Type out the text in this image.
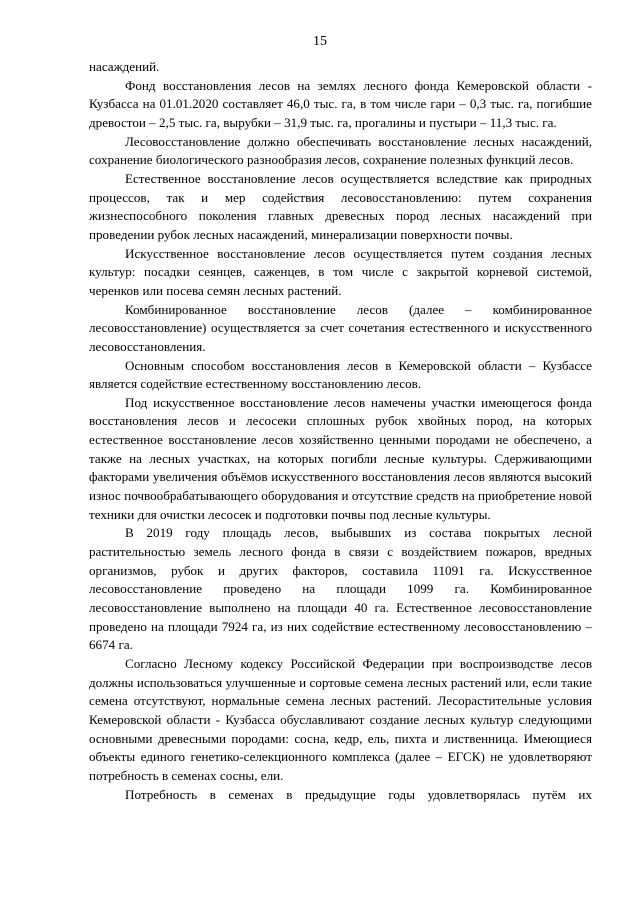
15

насаждений.

Фонд восстановления лесов на землях лесного фонда Кемеровской области - Кузбасса на 01.01.2020 составляет 46,0 тыс. га, в том числе гари – 0,3 тыс. га, погибшие древостои – 2,5 тыс. га, вырубки – 31,9 тыс. га, прогалины и пустыри – 11,3 тыс. га.

Лесовосстановление должно обеспечивать восстановление лесных насаждений, сохранение биологического разнообразия лесов, сохранение полезных функций лесов.

Естественное восстановление лесов осуществляется вследствие как природных процессов, так и мер содействия лесовосстановлению: путем сохранения жизнеспособного поколения главных древесных пород лесных насаждений при проведении рубок лесных насаждений, минерализации поверхности почвы.

Искусственное восстановление лесов осуществляется путем создания лесных культур: посадки сеянцев, саженцев, в том числе с закрытой корневой системой, черенков или посева семян лесных растений.

Комбинированное восстановление лесов (далее – комбинированное лесовосстановление) осуществляется за счет сочетания естественного и искусственного лесовосстановления.

Основным способом восстановления лесов в Кемеровской области – Кузбассе является содействие естественному восстановлению лесов.

Под искусственное восстановление лесов намечены участки имеющегося фонда восстановления лесов и лесосеки сплошных рубок хвойных пород, на которых естественное восстановление лесов хозяйственно ценными породами не обеспечено, а также на лесных участках, на которых погибли лесные культуры. Сдерживающими факторами увеличения объёмов искусственного восстановления лесов являются высокий износ почвообрабатывающего оборудования и отсутствие средств на приобретение новой техники для очистки лесосек и подготовки почвы под лесные культуры.

В 2019 году площадь лесов, выбывших из состава покрытых лесной растительностью земель лесного фонда в связи с воздействием пожаров, вредных организмов, рубок и других факторов, составила 11091 га. Искусственное лесовосстановление проведено на площади 1099 га. Комбинированное лесовосстановление выполнено на площади 40 га. Естественное лесовосстановление проведено на площади 7924 га, из них содействие естественному лесовосстановлению – 6674 га.

Согласно Лесному кодексу Российской Федерации при воспроизводстве лесов должны использоваться улучшенные и сортовые семена лесных растений или, если такие семена отсутствуют, нормальные семена лесных растений. Лесорастительные условия Кемеровской области - Кузбасса обуславливают создание лесных культур следующими основными древесными породами: сосна, кедр, ель, пихта и лиственница. Имеющиеся объекты единого генетико-селекционного комплекса (далее – ЕГСК) не удовлетворяют потребность в семенах сосны, ели.

Потребность в семенах в предыдущие годы удовлетворялась путём их
